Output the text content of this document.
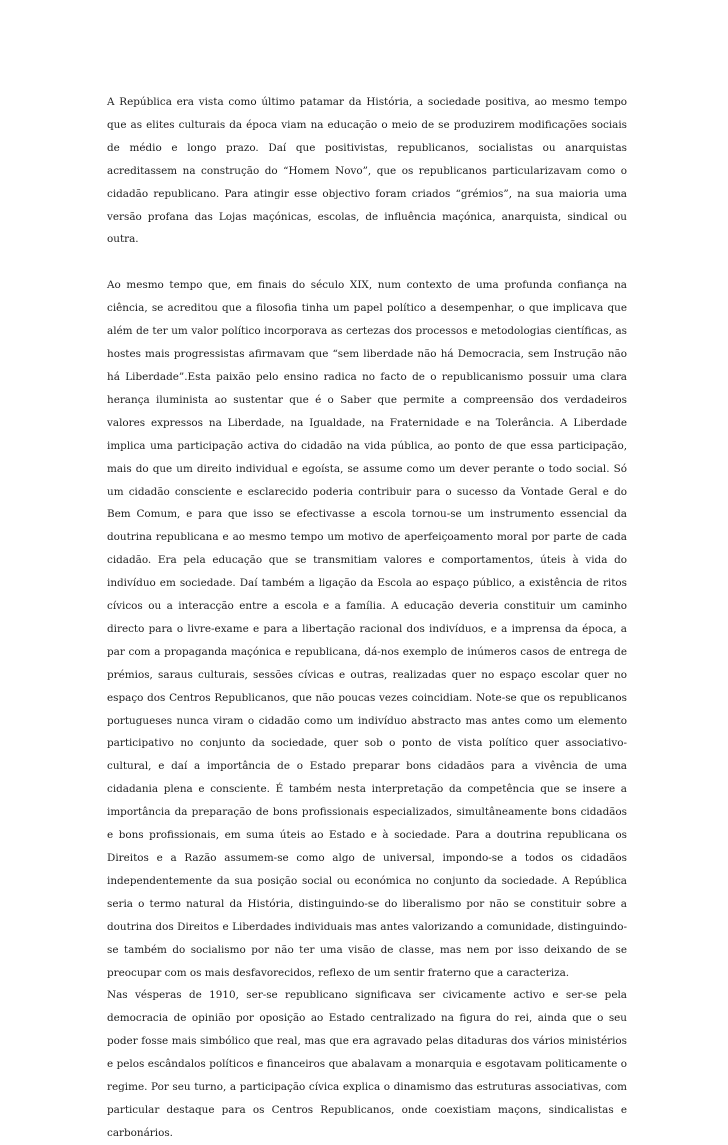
A República era vista como último patamar da História, a sociedade positiva, ao mesmo tempo que as elites culturais da época viam na educação o meio de se produzirem modificações sociais de médio e longo prazo. Daí que positivistas, republicanos, socialistas ou anarquistas acreditassem na construção do “Homem Novo”, que os republicanos particularizavam como o cidadão republicano. Para atingir esse objectivo foram criados “grémios”, na sua maioria uma versão profana das Lojas maçónicas, escolas, de influência maçónica, anarquista, sindical ou outra.

Ao mesmo tempo que, em finais do século XIX, num contexto de uma profunda confiança na ciência, se acreditou que a filosofia tinha um papel político a desempenhar, o que implicava que além de ter um valor político incorporava as certezas dos processos e metodologias científicas, as hostes mais progressistas afirmavam que “sem liberdade não há Democracia, sem Instrução não há Liberdade”.Esta paixão pelo ensino radica no facto de o republicanismo possuir uma clara herança iluminista ao sustentar que é o Saber que permite a compreensão dos verdadeiros valores expressos na Liberdade, na Igualdade, na Fraternidade e na Tolerância. A Liberdade implica uma participação activa do cidadão na vida pública, ao ponto de que essa participação, mais do que um direito individual e egoísta, se assume como um dever perante o todo social. Só um cidadão consciente e esclarecido poderia contribuir para o sucesso da Vontade Geral e do Bem Comum, e para que isso se efectivasse a escola tornou-se um instrumento essencial da doutrina republicana e ao mesmo tempo um motivo de aperfeiçoamento moral por parte de cada cidadão. Era pela educação que se transmitiam valores e comportamentos, úteis à vida do indivíduo em sociedade. Daí também a ligação da Escola ao espaço público, a existência de ritos cívicos ou a interacção entre a escola e a família. A educação deveria constituir um caminho directo para o livre-exame e para a libertação racional dos indivíduos, e a imprensa da época, a par com a propaganda maçónica e republicana, dá-nos exemplo de inúmeros casos de entrega de prémios, saraus culturais, sessões cívicas e outras, realizadas quer no espaço escolar quer no espaço dos Centros Republicanos, que não poucas vezes coincidiam. Note-se que os republicanos portugueses nunca viram o cidadão como um indivíduo abstracto mas antes como um elemento participativo no conjunto da sociedade, quer sob o ponto de vista político quer associativo-cultural, e daí a importância de o Estado preparar bons cidadãos para a vivência de uma cidadania plena e consciente. É também nesta interpretação da competência que se insere a importância da preparação de bons profissionais especializados, simultâneamente bons cidadãos e bons profissionais, em suma úteis ao Estado e à sociedade. Para a doutrina republicana os Direitos e a Razão assumem-se como algo de universal, impondo-se a todos os cidadãos independentemente da sua posição social ou económica no conjunto da sociedade. A República seria o termo natural da História, distinguindo-se do liberalismo por não se constituir sobre a doutrina dos Direitos e Liberdades individuais mas antes valorizando a comunidade, distinguindo-se também do socialismo por não ter uma visão de classe, mas nem por isso deixando de se preocupar com os mais desfavorecidos, reflexo de um sentir fraterno que a caracteriza.

Nas vésperas de 1910, ser-se republicano significava ser civicamente activo e ser-se pela democracia de opinião por oposição ao Estado centralizado na figura do rei, ainda que o seu poder fosse mais simbólico que real, mas que era agravado pelas ditaduras dos vários ministérios e pelos escândalos políticos e financeiros que abalavam a monarquia e esgotavam politicamente o regime. Por seu turno, a participação cívica explica o dinamismo das estruturas associativas, com particular destaque para os Centros Republicanos, onde coexistiam maçons, sindicalistas e carbonários.
